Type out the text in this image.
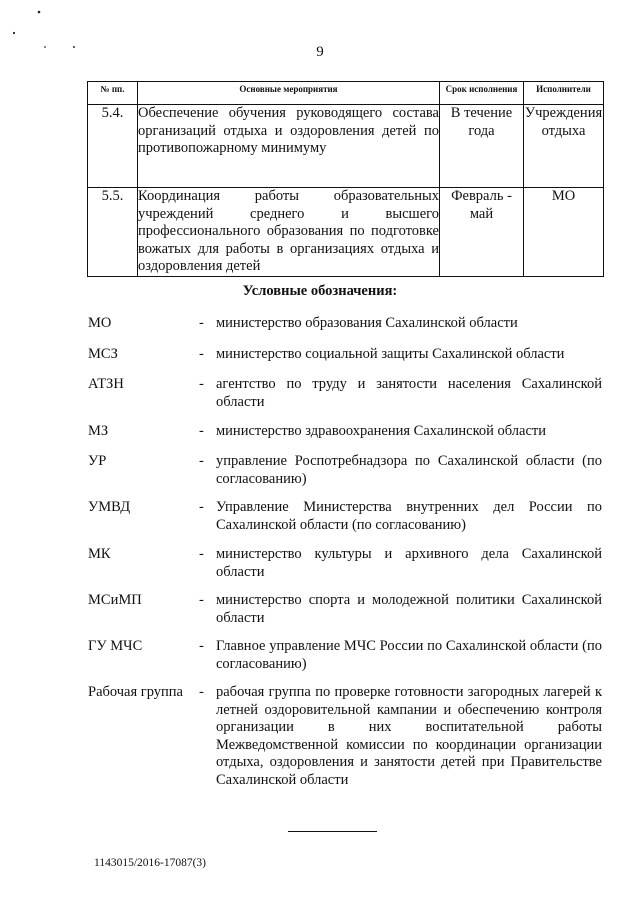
9
№ пп.	Основные мероприятия	Срок исполнения	Исполнители
5.4.	Обеспечение обучения руководящего состава организаций отдыха и оздоровления детей по противопожарному минимуму	В течение года	Учреждения отдыха
5.5.	Координация работы образовательных учреждений среднего и высшего профессионального образования по подготовке вожатых для работы в организациях отдыха и оздоровления детей	Февраль - май	МО
Условные обозначения:
МО	- министерство образования Сахалинской области
МСЗ	- министерство социальной защиты Сахалинской области
АТЗН	- агентство по труду и занятости населения Сахалинской области
МЗ	- министерство здравоохранения Сахалинской области
УР	- управление Роспотребнадзора по Сахалинской области (по согласованию)
УМВД	- Управление Министерства внутренних дел России по Сахалинской области (по согласованию)
МК	- министерство культуры и архивного дела Сахалинской области
МСиМП	- министерство спорта и молодежной политики Сахалинской области
ГУ МЧС	- Главное управление МЧС России по Сахалинской области (по согласованию)
Рабочая группа	- рабочая группа по проверке готовности загородных лагерей к летней оздоровительной кампании и обеспечению контроля организации в них воспитательной работы Межведомственной комиссии по координации организации отдыха, оздоровления и занятости детей при Правительстве Сахалинской области
1143015/2016-17087(3)
